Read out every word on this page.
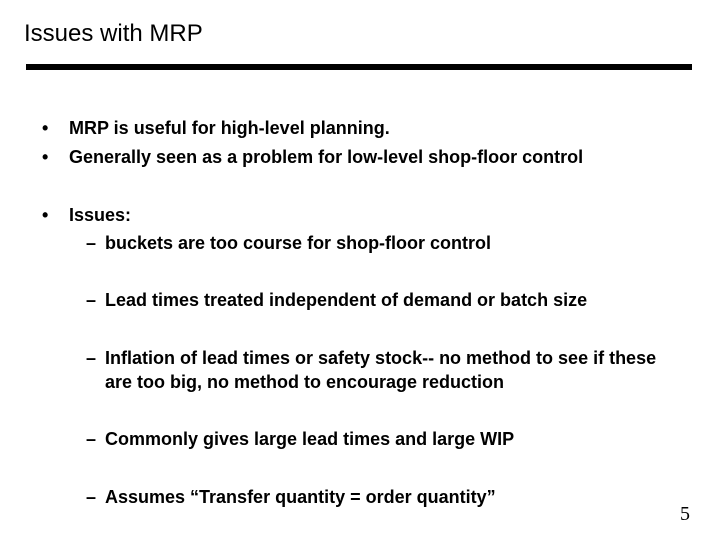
Issues with MRP
•	MRP is useful for high-level planning.
•	Generally seen as a problem for low-level shop-floor control
•	Issues:
– buckets are too course for shop-floor control
– Lead times treated independent of demand or batch size
– Inflation of lead times or safety stock-- no method to see if these are too big, no method to encourage reduction
– Commonly gives large lead times and large WIP
– Assumes “Transfer quantity = order quantity”
5
